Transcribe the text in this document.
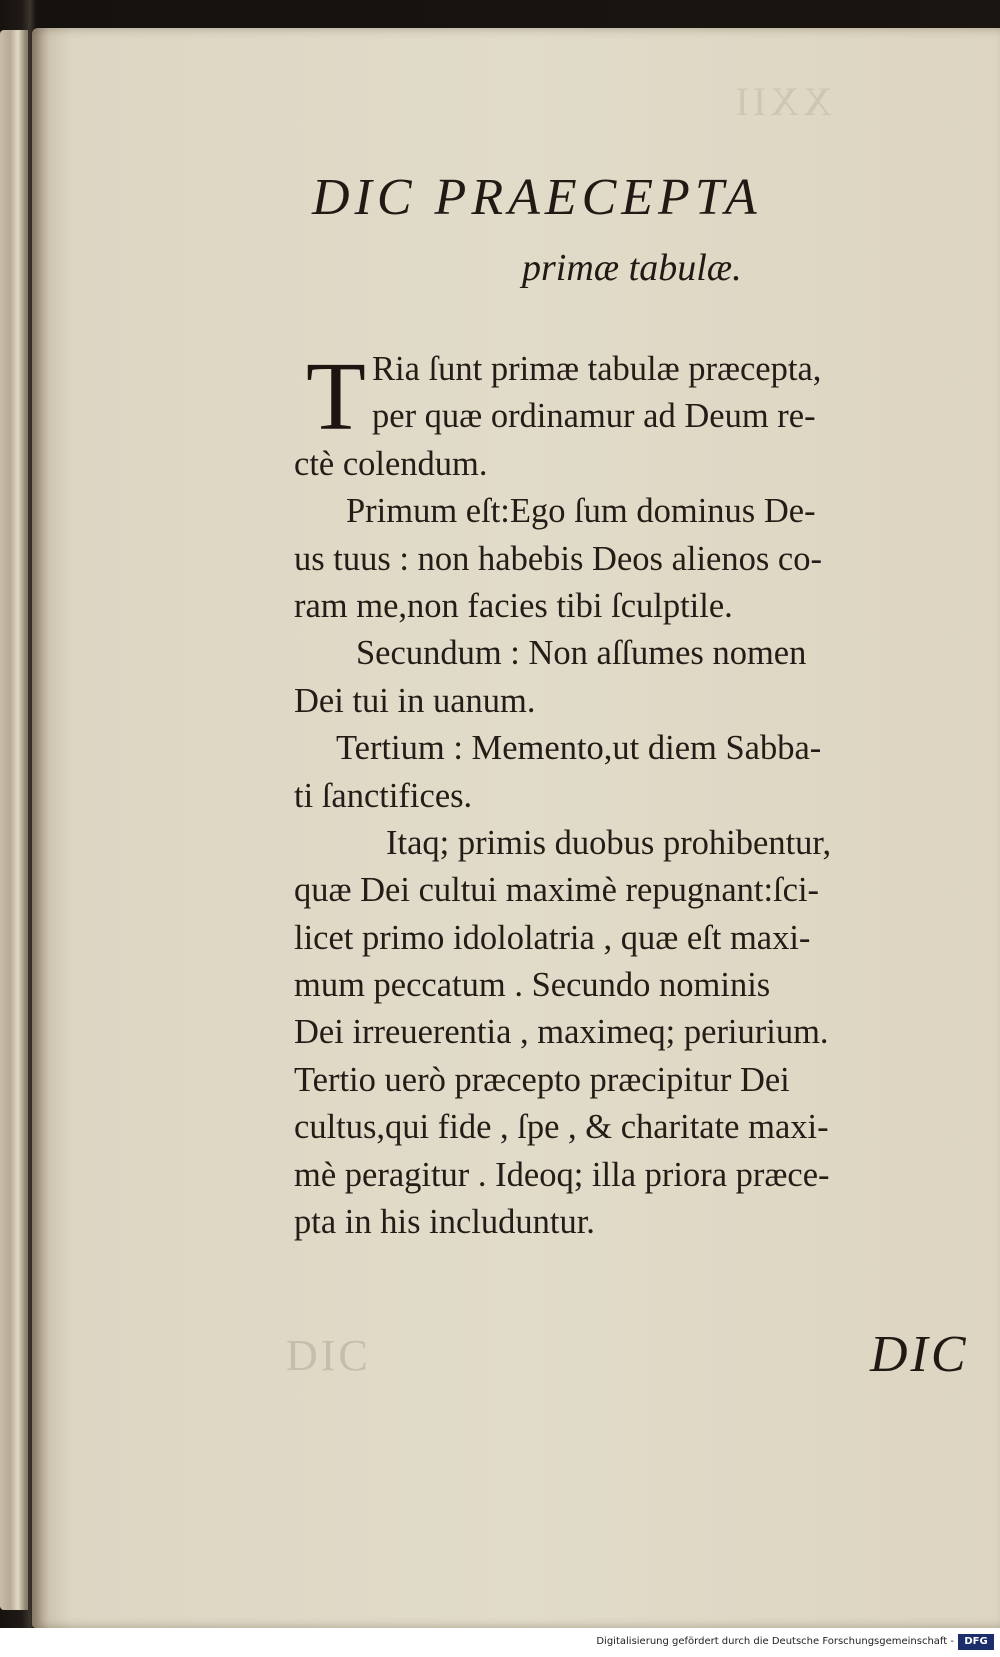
XXII
DIC PRAECEPTA
primæ tabulæ.
T Ria ſunt primæ tabulæ præcepta,
per quæ ordinamur ad Deum re-
ctè colendum.
Primum eſt:Ego ſum dominus De-
us tuus : non habebis Deos alienos co-
ram me,non facies tibi ſculptile.
Secundum : Non aſſumes nomen
Dei tui in uanum.
Tertium : Memento,ut diem Sabba-
ti ſanctifices.
Itaq; primis duobus prohibentur,
quæ Dei cultui maximè repugnant:ſci-
licet primo idololatria , quæ eſt maxi-
mum peccatum . Secundo nominis
Dei irreuerentia , maximeq; periurium.
Tertio uerò præcepto præcipitur Dei
cultus,qui fide , ſpe , & charitate maxi-
mè peragitur . Ideoq; illa priora præce-
pta in his includuntur.
DIC	DIC
Digitalisierung gefördert durch die Deutsche Forschungsgemeinschaft -	DFG
